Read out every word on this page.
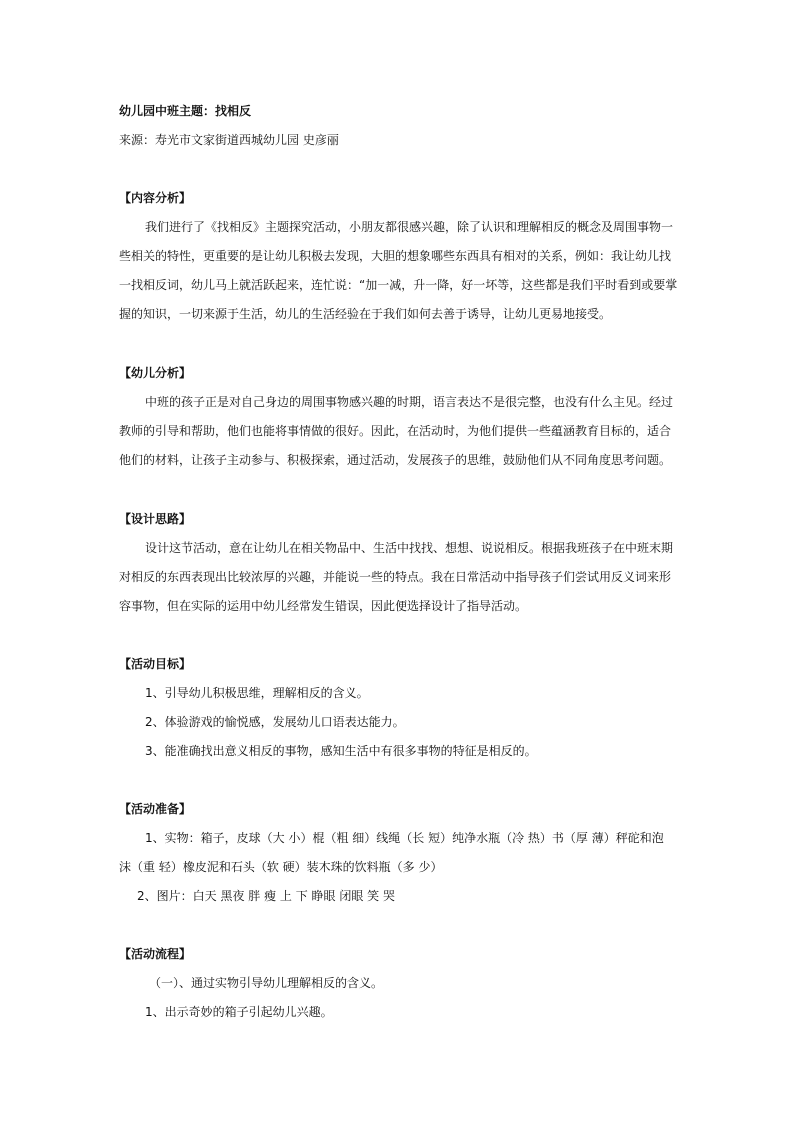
幼儿园中班主题：找相反
来源：寿光市文家街道西城幼儿园 史彦丽
【内容分析】
我们进行了《找相反》主题探究活动，小朋友都很感兴趣，除了认识和理解相反的概念及周围事物一
些相关的特性，更重要的是让幼儿积极去发现，大胆的想象哪些东西具有相对的关系，例如：我让幼儿找
一找相反词，幼儿马上就活跃起来，连忙说：“加一减，升一降，好一坏等，这些都是我们平时看到或要掌
握的知识，一切来源于生活，幼儿的生活经验在于我们如何去善于诱导，让幼儿更易地接受。
【幼儿分析】
中班的孩子正是对自己身边的周围事物感兴趣的时期，语言表达不是很完整，也没有什么主见。经过
教师的引导和帮助，他们也能将事情做的很好。因此，在活动时，为他们提供一些蕴涵教育目标的，适合
他们的材料，让孩子主动参与、积极探索，通过活动，发展孩子的思维，鼓励他们从不同角度思考问题。
【设计思路】
设计这节活动，意在让幼儿在相关物品中、生活中找找、想想、说说相反。根据我班孩子在中班末期
对相反的东西表现出比较浓厚的兴趣，并能说一些的特点。我在日常活动中指导孩子们尝试用反义词来形
容事物，但在实际的运用中幼儿经常发生错误，因此便选择设计了指导活动。
【活动目标】
1、引导幼儿积极思维，理解相反的含义。
2、体验游戏的愉悦感，发展幼儿口语表达能力。
3、能准确找出意义相反的事物，感知生活中有很多事物的特征是相反的。
【活动准备】
1、实物：箱子，皮球（大 小）棍（粗 细）线绳（长 短）纯净水瓶（冷 热）书（厚 薄）秤砣和泡
沫（重 轻）橡皮泥和石头（软 硬）装木珠的饮料瓶（多 少）
2、图片：白天 黑夜 胖 瘦 上 下 睁眼 闭眼 笑 哭
【活动流程】
（一）、通过实物引导幼儿理解相反的含义。
1、出示奇妙的箱子引起幼儿兴趣。
